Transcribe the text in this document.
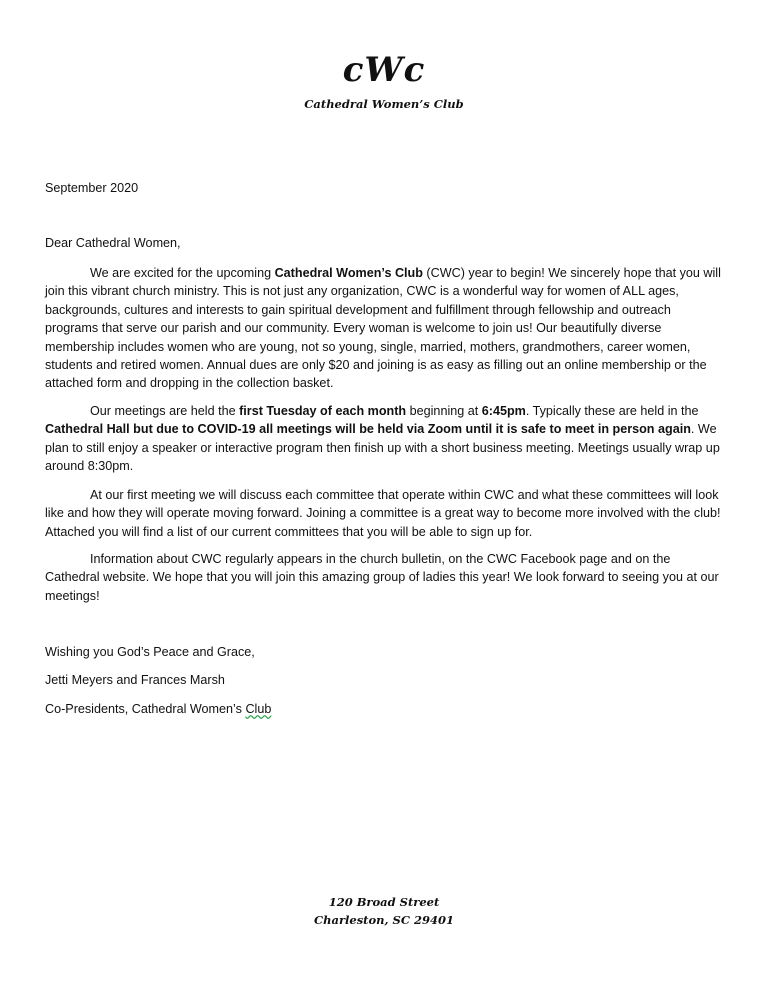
cWc
Cathedral Women’s Club

September 2020

Dear Cathedral Women,

We are excited for the upcoming Cathedral Women’s Club (CWC) year to begin! We sincerely hope that you will join this vibrant church ministry. This is not just any organization, CWC is a wonderful way for women of ALL ages, backgrounds, cultures and interests to gain spiritual development and fulfillment through fellowship and outreach programs that serve our parish and our community. Every woman is welcome to join us! Our beautifully diverse membership includes women who are young, not so young, single, married, mothers, grandmothers, career women, students and retired women. Annual dues are only $20 and joining is as easy as filling out an online membership or the attached form and dropping in the collection basket.

Our meetings are held the first Tuesday of each month beginning at 6:45pm. Typically these are held in the Cathedral Hall but due to COVID-19 all meetings will be held via Zoom until it is safe to meet in person again. We plan to still enjoy a speaker or interactive program then finish up with a short business meeting. Meetings usually wrap up around 8:30pm.

At our first meeting we will discuss each committee that operate within CWC and what these committees will look like and how they will operate moving forward. Joining a committee is a great way to become more involved with the club! Attached you will find a list of our current committees that you will be able to sign up for.

Information about CWC regularly appears in the church bulletin, on the CWC Facebook page and on the Cathedral website. We hope that you will join this amazing group of ladies this year! We look forward to seeing you at our meetings!

Wishing you God’s Peace and Grace,

Jetti Meyers and Frances Marsh

Co-Presidents, Cathedral Women’s Club

120 Broad Street
Charleston, SC 29401
